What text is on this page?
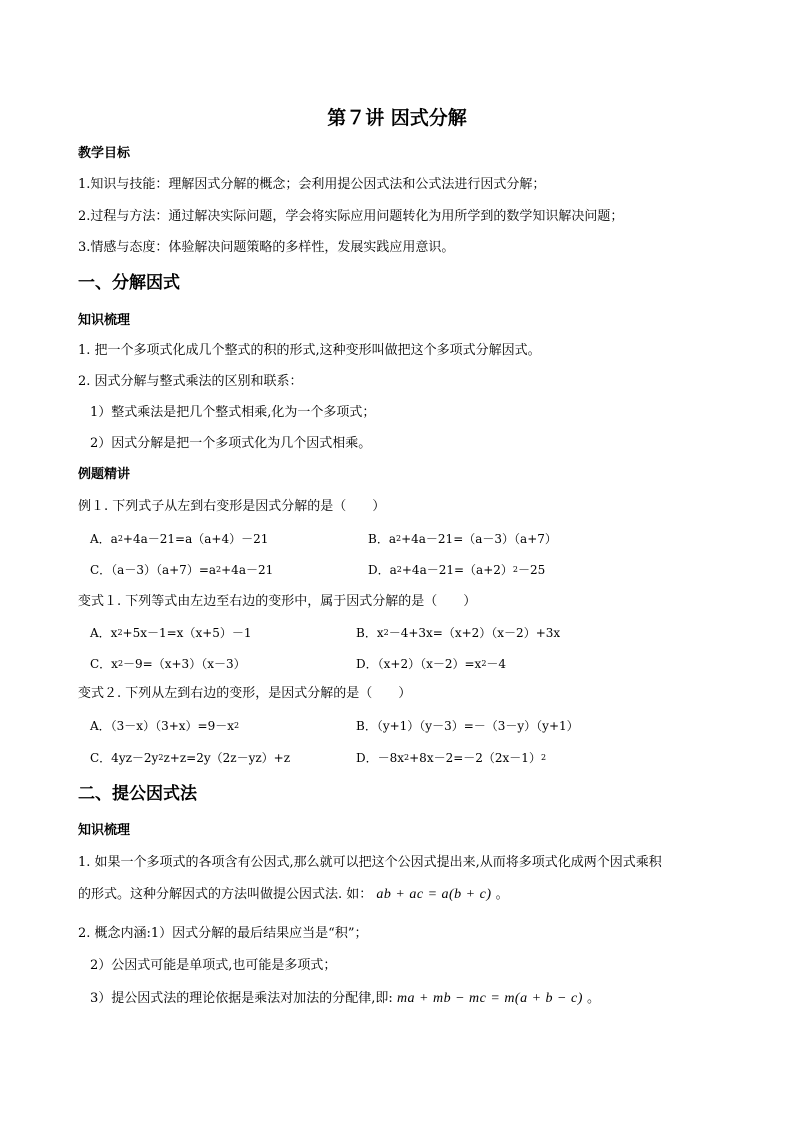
第７讲 因式分解
教学目标
1.知识与技能：理解因式分解的概念；会利用提公因式法和公式法进行因式分解；
2.过程与方法：通过解决实际问题，学会将实际应用问题转化为用所学到的数学知识解决问题；
3.情感与态度：体验解决问题策略的多样性，发展实践应用意识。
一、分解因式
知识梳理
1. 把一个多项式化成几个整式的积的形式,这种变形叫做把这个多项式分解因式。
2. 因式分解与整式乘法的区别和联系：
1）整式乘法是把几个整式相乘,化为一个多项式；
2）因式分解是把一个多项式化为几个因式相乘。
例题精讲
例１. 下列式子从左到右变形是因式分解的是（　　）
A．$a^2+4a-21=a(a+4)-21$	B．$a^2+4a-21=(a-3)(a+7)$
C．$(a-3)(a+7)=a^2+4a-21$	D．$a^2+4a-21=(a+2)^2-25$
变式１. 下列等式由左边至右边的变形中，属于因式分解的是（　　）
A．$x^2+5x-1=x(x+5)-1$	B．$x^2-4+3x=(x+2)(x-2)+3x$
C．$x^2-9=(x+3)(x-3)$	D．$(x+2)(x-2)=x^2-4$
变式２. 下列从左到右边的变形，是因式分解的是（　　）
A．$(3-x)(3+x)=9-x^2$	B．（y+1）（y－3）=－（3－y）（y+1）
C．$4yz-2y^2z+z=2y(2z-yz)+z$	D．$-8x^2+8x-2=-2(2x-1)^2$
二、提公因式法
知识梳理
1. 如果一个多项式的各项含有公因式,那么就可以把这个公因式提出来,从而将多项式化成两个因式乘积
的形式。这种分解因式的方法叫做提公因式法. 如： ab + ac = a(b + c) 。
2. 概念内涵:1）因式分解的最后结果应当是“积”；
2）公因式可能是单项式,也可能是多项式；
3）提公因式法的理论依据是乘法对加法的分配律,即: ma + mb − mc = m(a + b − c) 。
